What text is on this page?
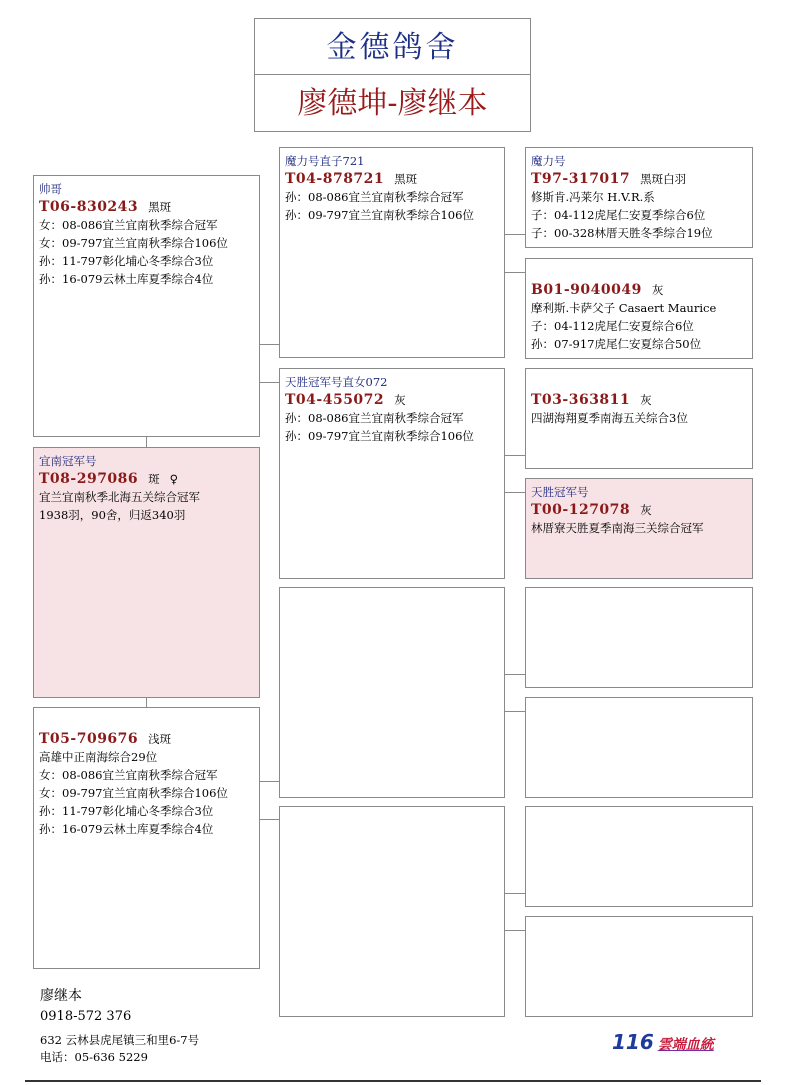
金德鸽舍
廖德坤-廖继本
帅哥
T06-830243 黑斑
女：08-086宜兰宜南秋季综合冠军
女：09-797宜兰宜南秋季综合106位
孙：11-797彰化埔心冬季综合3位
孙：16-079云林土库夏季综合4位
宜南冠军号
T08-297086 斑 ♀
宜兰宜南秋季北海五关综合冠军
1938羽，90舍，归返340羽
T05-709676 浅斑
高雄中正南海综合29位
女：08-086宜兰宜南秋季综合冠军
女：09-797宜兰宜南秋季综合106位
孙：11-797彰化埔心冬季综合3位
孙：16-079云林土库夏季综合4位
魔力号直子721
T04-878721 黑斑
孙：08-086宜兰宜南秋季综合冠军
孙：09-797宜兰宜南秋季综合106位
天胜冠军号直女072
T04-455072 灰
孙：08-086宜兰宜南秋季综合冠军
孙：09-797宜兰宜南秋季综合106位
魔力号
T97-317017 黑斑白羽
修斯肯.冯莱尔 H.V.R.系
子：04-112虎尾仁安夏季综合6位
子：00-328林厝天胜冬季综合19位
B01-9040049 灰
摩利斯.卡萨父子 Casaert Maurice
子：04-112虎尾仁安夏综合6位
孙：07-917虎尾仁安夏综合50位
T03-363811 灰
四湖海翔夏季南海五关综合3位
天胜冠军号
T00-127078 灰
林厝寮天胜夏季南海三关综合冠军
廖继本
0918-572 376
632 云林县虎尾镇三和里6-7号
电话：05-636 5229
116 雲端血統
